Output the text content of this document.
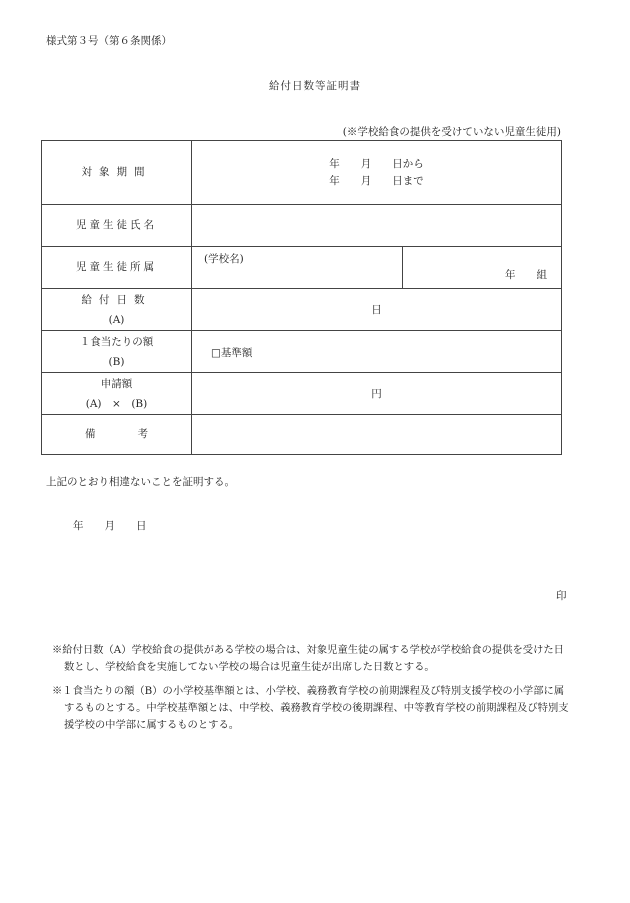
様式第３号（第６条関係）
給付日数等証明書
(※学校給食の提供を受けていない児童生徒用)
対象期間	年　　月　　日から
年　　月　　日まで	

児童生徒氏名		
児童生徒所属	(学校名)	年　　組

給付日数
(A)	日	

１食当たりの額
(B)	□基準額	

申請額
(A)　×　(B)	円	
備　　　　考		
上記のとおり相違ないことを証明する。
年　　月　　日
印
※給付日数（A）学校給食の提供がある学校の場合は、対象児童生徒の属する学校が学校給食の提供を受けた日
数とし、学校給食を実施してない学校の場合は児童生徒が出席した日数とする。
※１食当たりの額（B）の小学校基準額とは、小学校、義務教育学校の前期課程及び特別支援学校の小学部に属
するものとする。中学校基準額とは、中学校、義務教育学校の後期課程、中等教育学校の前期課程及び特別支
援学校の中学部に属するものとする。
